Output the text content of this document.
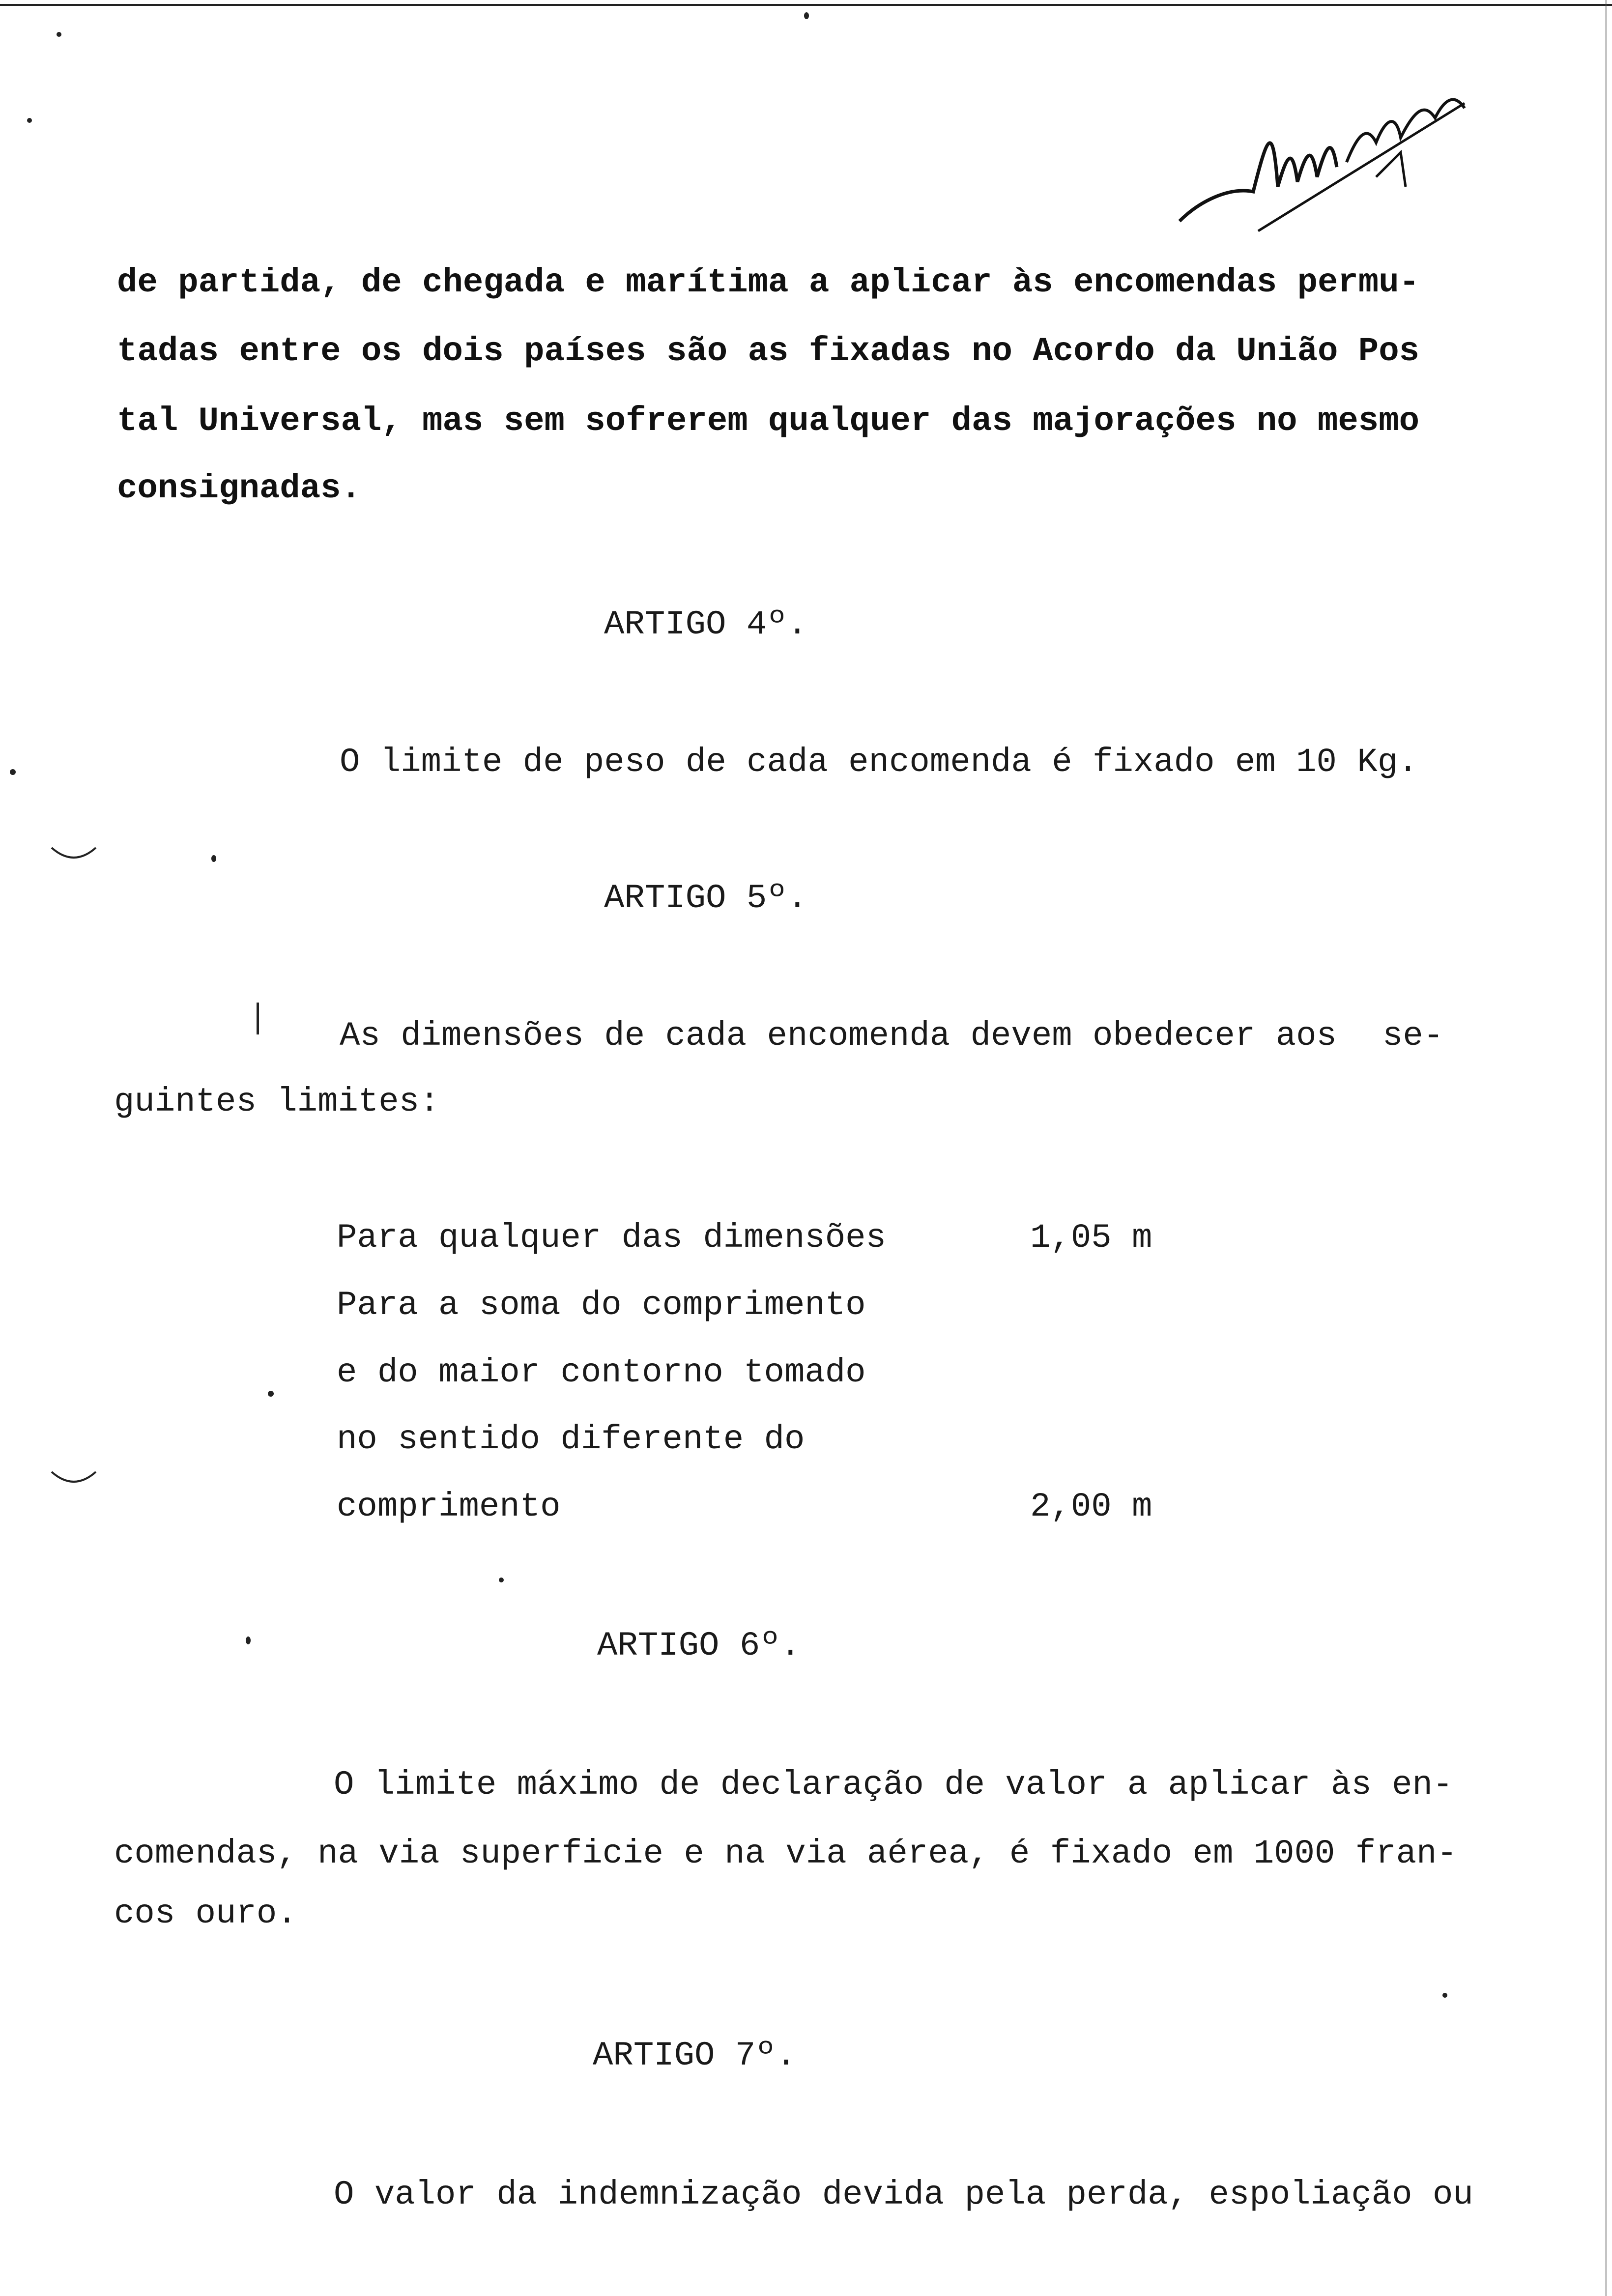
de partida, de chegada e marítima a aplicar às encomendas permu-
tadas entre os dois países são as fixadas no Acordo da União Pos
tal Universal, mas sem sofrerem qualquer das majorações no mesmo
consignadas.
ARTIGO 4º.
O limite de peso de cada encomenda é fixado em 10 Kg.
ARTIGO 5º.
As dimensões de cada encomenda devem obedecer aos se-
guintes limites:
Para qualquer das dimensões	1,05 m
Para a soma do comprimento
e do maior contorno tomado
no sentido diferente do
comprimento	2,00 m
ARTIGO 6º.
O limite máximo de declaração de valor a aplicar às en-
comendas, na via superficie e na via aérea, é fixado em 1000 fran-
cos ouro.
ARTIGO 7º.
O valor da indemnização devida pela perda, espoliação ou
